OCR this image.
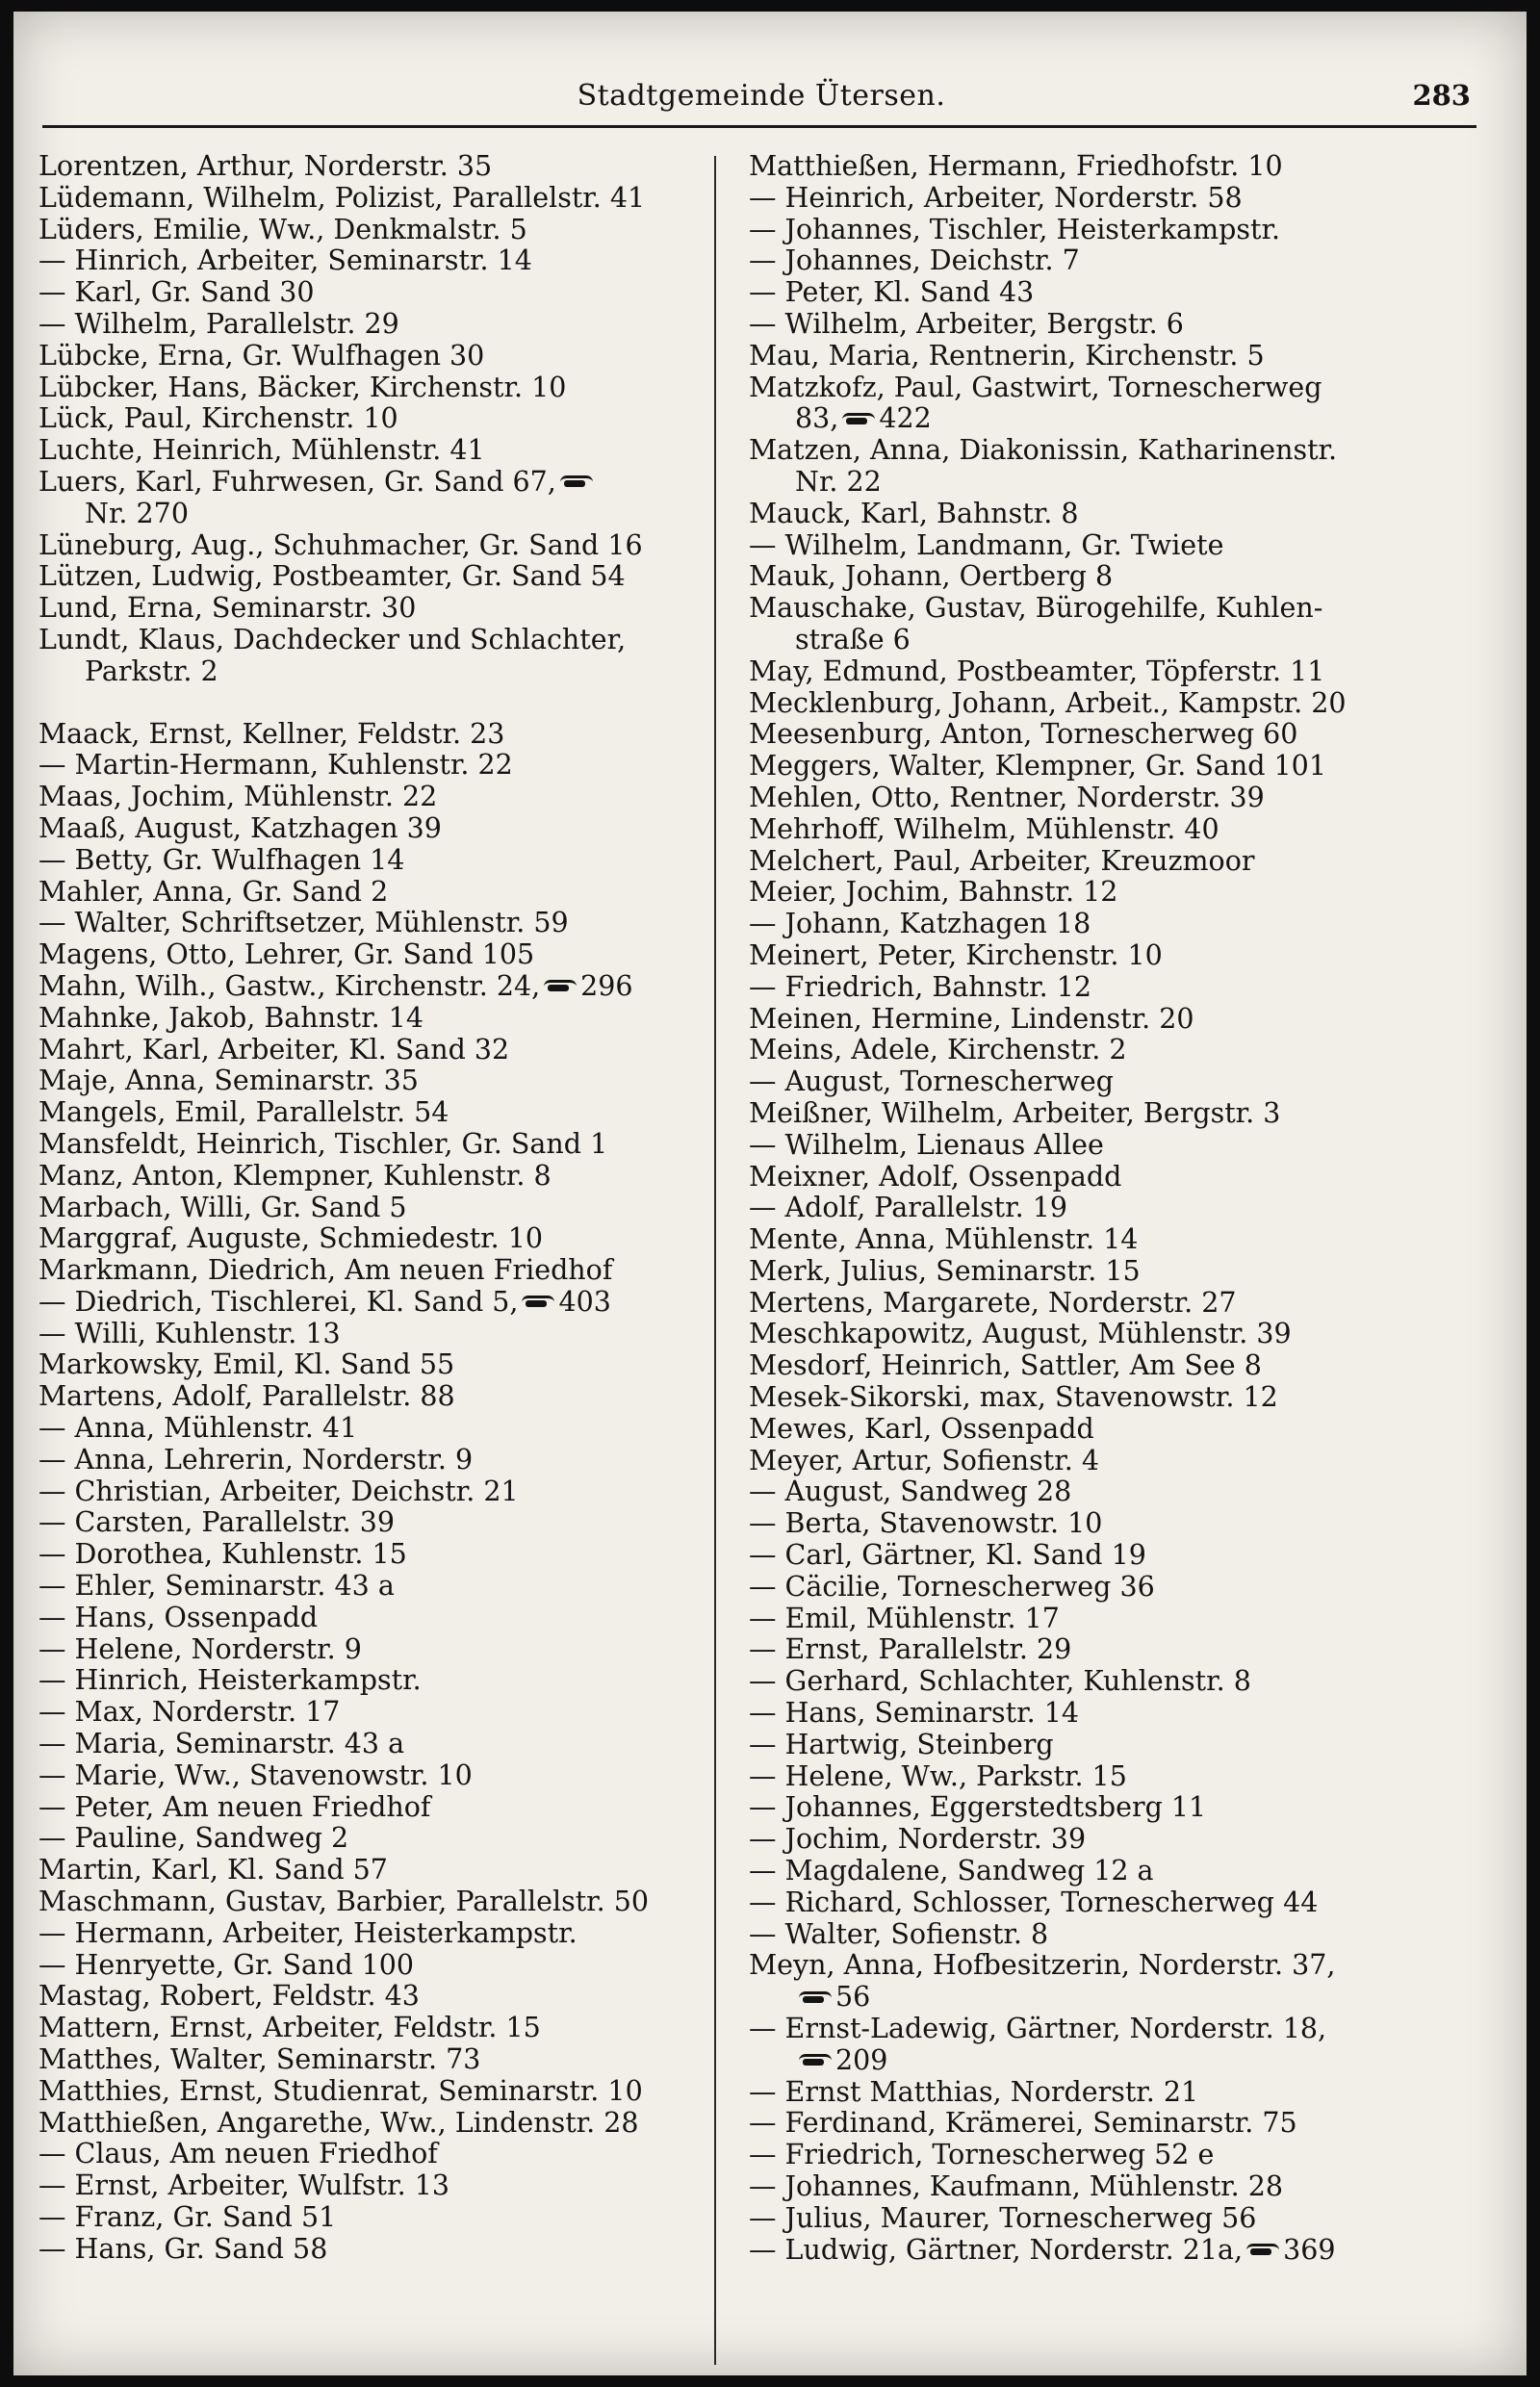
Stadtgemeinde Ütersen.	283
Lorentzen, Arthur, Norderstr. 35
Lüdemann, Wilhelm, Polizist, Parallelstr. 41
Lüders, Emilie, Ww., Denkmalstr. 5
— Hinrich, Arbeiter, Seminarstr. 14
— Karl, Gr. Sand 30
— Wilhelm, Parallelstr. 29
Lübcke, Erna, Gr. Wulfhagen 30
Lübcker, Hans, Bäcker, Kirchenstr. 10
Lück, Paul, Kirchenstr. 10
Luchte, Heinrich, Mühlenstr. 41
Luers, Karl, Fuhrwesen, Gr. Sand 67,
Nr. 270
Lüneburg, Aug., Schuhmacher, Gr. Sand 16
Lützen, Ludwig, Postbeamter, Gr. Sand 54
Lund, Erna, Seminarstr. 30
Lundt, Klaus, Dachdecker und Schlachter,
Parkstr. 2
Maack, Ernst, Kellner, Feldstr. 23
— Martin-Hermann, Kuhlenstr. 22
Maas, Jochim, Mühlenstr. 22
Maaß, August, Katzhagen 39
— Betty, Gr. Wulfhagen 14
Mahler, Anna, Gr. Sand 2
— Walter, Schriftsetzer, Mühlenstr. 59
Magens, Otto, Lehrer, Gr. Sand 105
Mahn, Wilh., Gastw., Kirchenstr. 24, 296
Mahnke, Jakob, Bahnstr. 14
Mahrt, Karl, Arbeiter, Kl. Sand 32
Maje, Anna, Seminarstr. 35
Mangels, Emil, Parallelstr. 54
Mansfeldt, Heinrich, Tischler, Gr. Sand 1
Manz, Anton, Klempner, Kuhlenstr. 8
Marbach, Willi, Gr. Sand 5
Marggraf, Auguste, Schmiedestr. 10
Markmann, Diedrich, Am neuen Friedhof
— Diedrich, Tischlerei, Kl. Sand 5, 403
— Willi, Kuhlenstr. 13
Markowsky, Emil, Kl. Sand 55
Martens, Adolf, Parallelstr. 88
— Anna, Mühlenstr. 41
— Anna, Lehrerin, Norderstr. 9
— Christian, Arbeiter, Deichstr. 21
— Carsten, Parallelstr. 39
— Dorothea, Kuhlenstr. 15
— Ehler, Seminarstr. 43 a
— Hans, Ossenpadd
— Helene, Norderstr. 9
— Hinrich, Heisterkampstr.
— Max, Norderstr. 17
— Maria, Seminarstr. 43 a
— Marie, Ww., Stavenowstr. 10
— Peter, Am neuen Friedhof
— Pauline, Sandweg 2
Martin, Karl, Kl. Sand 57
Maschmann, Gustav, Barbier, Parallelstr. 50
— Hermann, Arbeiter, Heisterkampstr.
— Henryette, Gr. Sand 100
Mastag, Robert, Feldstr. 43
Mattern, Ernst, Arbeiter, Feldstr. 15
Matthes, Walter, Seminarstr. 73
Matthies, Ernst, Studienrat, Seminarstr. 10
Matthießen, Angarethe, Ww., Lindenstr. 28
— Claus, Am neuen Friedhof
— Ernst, Arbeiter, Wulfstr. 13
— Franz, Gr. Sand 51
— Hans, Gr. Sand 58
Matthießen, Hermann, Friedhofstr. 10
— Heinrich, Arbeiter, Norderstr. 58
— Johannes, Tischler, Heisterkampstr.
— Johannes, Deichstr. 7
— Peter, Kl. Sand 43
— Wilhelm, Arbeiter, Bergstr. 6
Mau, Maria, Rentnerin, Kirchenstr. 5
Matzkofz, Paul, Gastwirt, Tornescherweg
83, 422
Matzen, Anna, Diakonissin, Katharinenstr.
Nr. 22
Mauck, Karl, Bahnstr. 8
— Wilhelm, Landmann, Gr. Twiete
Mauk, Johann, Oertberg 8
Mauschake, Gustav, Bürogehilfe, Kuhlen-
straße 6
May, Edmund, Postbeamter, Töpferstr. 11
Mecklenburg, Johann, Arbeit., Kampstr. 20
Meesenburg, Anton, Tornescherweg 60
Meggers, Walter, Klempner, Gr. Sand 101
Mehlen, Otto, Rentner, Norderstr. 39
Mehrhoff, Wilhelm, Mühlenstr. 40
Melchert, Paul, Arbeiter, Kreuzmoor
Meier, Jochim, Bahnstr. 12
— Johann, Katzhagen 18
Meinert, Peter, Kirchenstr. 10
— Friedrich, Bahnstr. 12
Meinen, Hermine, Lindenstr. 20
Meins, Adele, Kirchenstr. 2
— August, Tornescherweg
Meißner, Wilhelm, Arbeiter, Bergstr. 3
— Wilhelm, Lienaus Allee
Meixner, Adolf, Ossenpadd
— Adolf, Parallelstr. 19
Mente, Anna, Mühlenstr. 14
Merk, Julius, Seminarstr. 15
Mertens, Margarete, Norderstr. 27
Meschkapowitz, August, Mühlenstr. 39
Mesdorf, Heinrich, Sattler, Am See 8
Mesek-Sikorski, max, Stavenowstr. 12
Mewes, Karl, Ossenpadd
Meyer, Artur, Sofienstr. 4
— August, Sandweg 28
— Berta, Stavenowstr. 10
— Carl, Gärtner, Kl. Sand 19
— Cäcilie, Tornescherweg 36
— Emil, Mühlenstr. 17
— Ernst, Parallelstr. 29
— Gerhard, Schlachter, Kuhlenstr. 8
— Hans, Seminarstr. 14
— Hartwig, Steinberg
— Helene, Ww., Parkstr. 15
— Johannes, Eggerstedtsberg 11
— Jochim, Norderstr. 39
— Magdalene, Sandweg 12 a
— Richard, Schlosser, Tornescherweg 44
— Walter, Sofienstr. 8
Meyn, Anna, Hofbesitzerin, Norderstr. 37,
56
— Ernst-Ladewig, Gärtner, Norderstr. 18,
209
— Ernst Matthias, Norderstr. 21
— Ferdinand, Krämerei, Seminarstr. 75
— Friedrich, Tornescherweg 52 e
— Johannes, Kaufmann, Mühlenstr. 28
— Julius, Maurer, Tornescherweg 56
— Ludwig, Gärtner, Norderstr. 21a, 369
